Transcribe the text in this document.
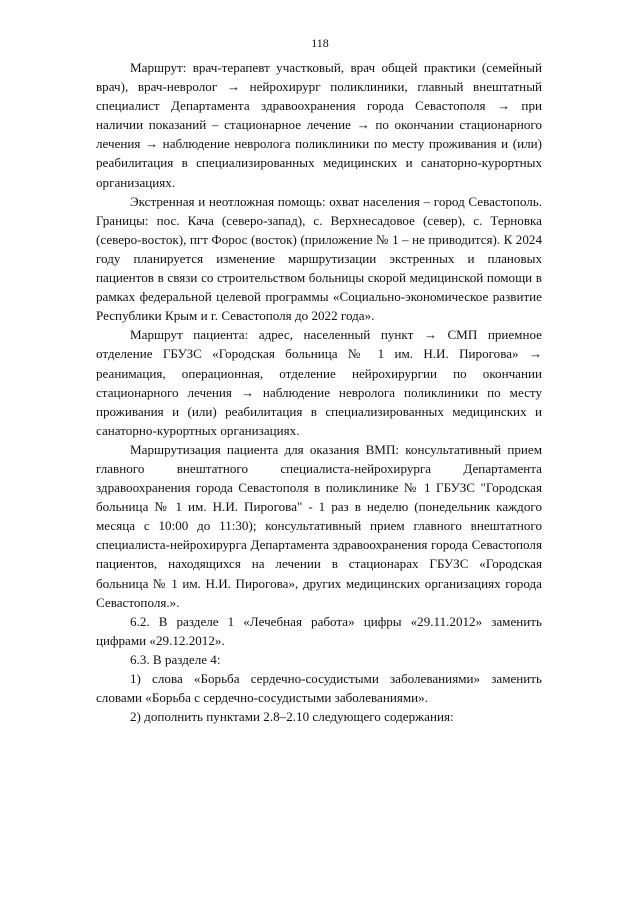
118

Маршрут: врач-терапевт участковый, врач общей практики (семейный врач), врач-невролог → нейрохирург поликлиники, главный внештатный специалист Департамента здравоохранения города Севастополя → при наличии показаний – стационарное лечение → по окончании стационарного лечения → наблюдение невролога поликлиники по месту проживания и (или) реабилитация в специализированных медицинских и санаторно-курортных организациях.

Экстренная и неотложная помощь: охват населения – город Севастополь. Границы: пос. Кача (северо-запад), с. Верхнесадовое (север), с. Терновка (северо-восток), пгт Форос (восток) (приложение № 1 – не приводится). К 2024 году планируется изменение маршрутизации экстренных и плановых пациентов в связи со строительством больницы скорой медицинской помощи в рамках федеральной целевой программы «Социально-экономическое развитие Республики Крым и г. Севастополя до 2022 года».

Маршрут пациента: адрес, населенный пункт → СМП приемное отделение ГБУЗС «Городская больница № 1 им. Н.И. Пирогова» → реанимация, операционная, отделение нейрохирургии по окончании стационарного лечения → наблюдение невролога поликлиники по месту проживания и (или) реабилитация в специализированных медицинских и санаторно-курортных организациях.

Маршрутизация пациента для оказания ВМП: консультативный прием главного внештатного специалиста-нейрохирурга Департамента здравоохранения города Севастополя в поликлинике № 1 ГБУЗС "Городская больница № 1 им. Н.И. Пирогова" - 1 раз в неделю (понедельник каждого месяца с 10:00 до 11:30); консультативный прием главного внештатного специалиста-нейрохирурга Департамента здравоохранения города Севастополя пациентов, находящихся на лечении в стационарах ГБУЗС «Городская больница № 1 им. Н.И. Пирогова», других медицинских организациях города Севастополя.».

6.2. В разделе 1 «Лечебная работа» цифры «29.11.2012» заменить цифрами «29.12.2012».

6.3. В разделе 4:

1) слова «Борьба сердечно-сосудистыми заболеваниями» заменить словами «Борьба с сердечно-сосудистыми заболеваниями».

2) дополнить пунктами 2.8–2.10 следующего содержания:
